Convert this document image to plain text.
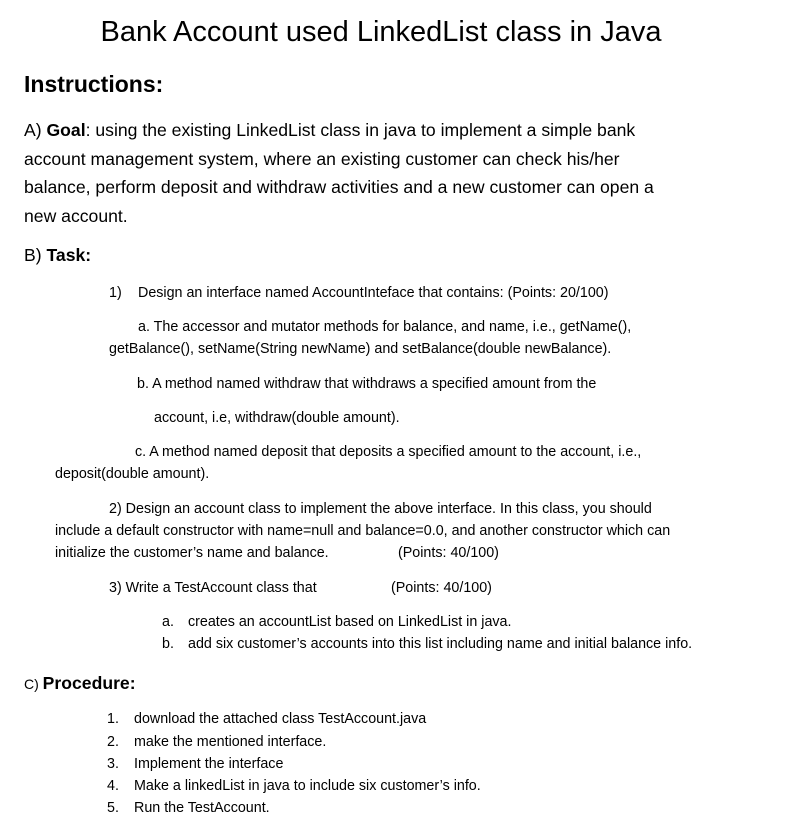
Bank Account used LinkedList class in Java
Instructions:
A) Goal: using the existing LinkedList class in java to implement a simple bank
account management system, where an existing customer can check his/her
balance, perform deposit and withdraw activities and a new customer can open a
new account.
B) Task:
1) Design an interface named AccountInteface that contains: (Points: 20/100)
a. The accessor and mutator methods for balance, and name, i.e., getName(),
getBalance(), setName(String newName) and setBalance(double newBalance).
b. A method named withdraw that withdraws a specified amount from the
account, i.e, withdraw(double amount).
c. A method named deposit that deposits a specified amount to the account, i.e.,
deposit(double amount).
2) Design an account class to implement the above interface. In this class, you should
include a default constructor with name=null and balance=0.0, and another constructor which can
initialize the customer’s name and balance.	(Points: 40/100)
3) Write a TestAccount class that	(Points: 40/100)
a. creates an accountList based on LinkedList in java.
b. add six customer’s accounts into this list including name and initial balance info.
C) Procedure:
1. download the attached class TestAccount.java
2. make the mentioned interface.
3. Implement the interface
4. Make a linkedList in java to include six customer’s info.
5. Run the TestAccount.
